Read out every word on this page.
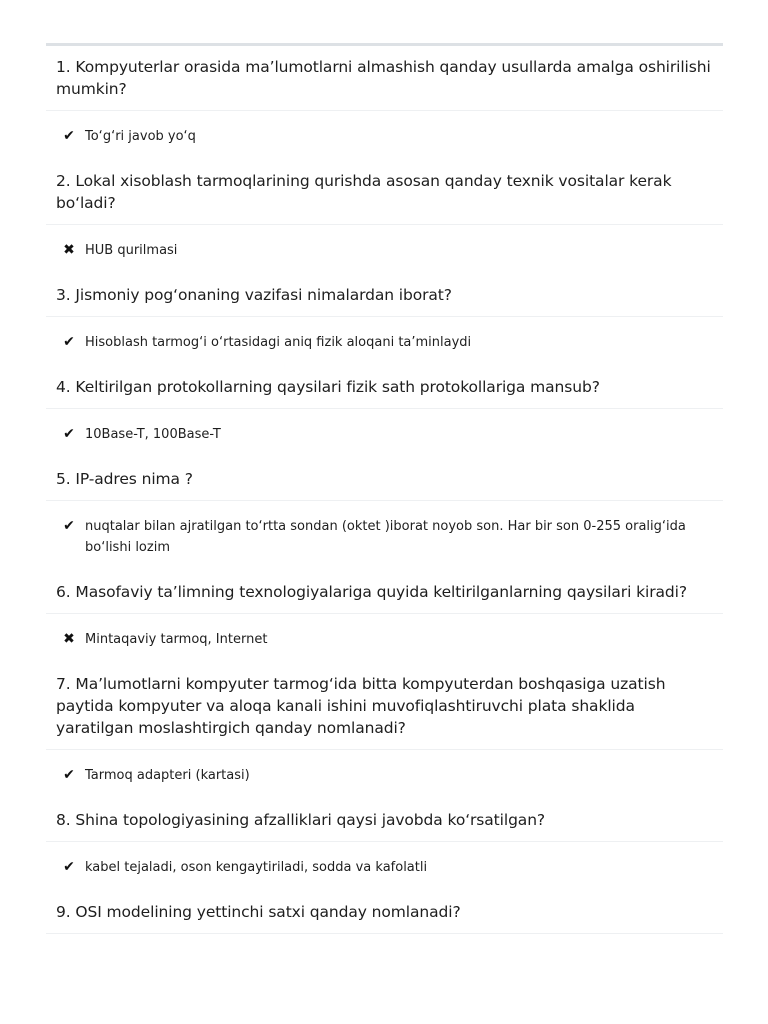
1. Kompyuterlar orasida ma’lumotlarni almashish qanday usullarda amalga oshirilishi mumkin?
✔ To‘g‘ri javob yo‘q
2. Lokal xisoblash tarmoqlarining qurishda asosan qanday texnik vositalar kerak bo‘ladi?
✖ HUB qurilmasi
3. Jismoniy pog‘onaning vazifasi nimalardan iborat?
✔ Hisoblash tarmog‘i o‘rtasidagi aniq fizik aloqani ta’minlaydi
4. Keltirilgan protokollarning qaysilari fizik sath protokollariga mansub?
✔ 10Base-T, 100Base-T
5. IP-adres nima ?
✔ nuqtalar bilan ajratilgan to‘rtta sondan (oktet )iborat noyob son. Har bir son 0-255 oralig‘ida bo‘lishi lozim
6. Masofaviy ta’limning texnologiyalariga quyida keltirilganlarning qaysilari kiradi?
✖ Mintaqaviy tarmoq, Internet
7. Ma’lumotlarni kompyuter tarmog‘ida bitta kompyuterdan boshqasiga uzatish paytida kompyuter va aloqa kanali ishini muvofiqlashtiruvchi plata shaklida yaratilgan moslashtirgich qanday nomlanadi?
✔ Tarmoq adapteri (kartasi)
8. Shina topologiyasining afzalliklari qaysi javobda ko‘rsatilgan?
✔ kabel tejaladi, oson kengaytiriladi, sodda va kafolatli
9. OSI modelining yettinchi satxi qanday nomlanadi?
